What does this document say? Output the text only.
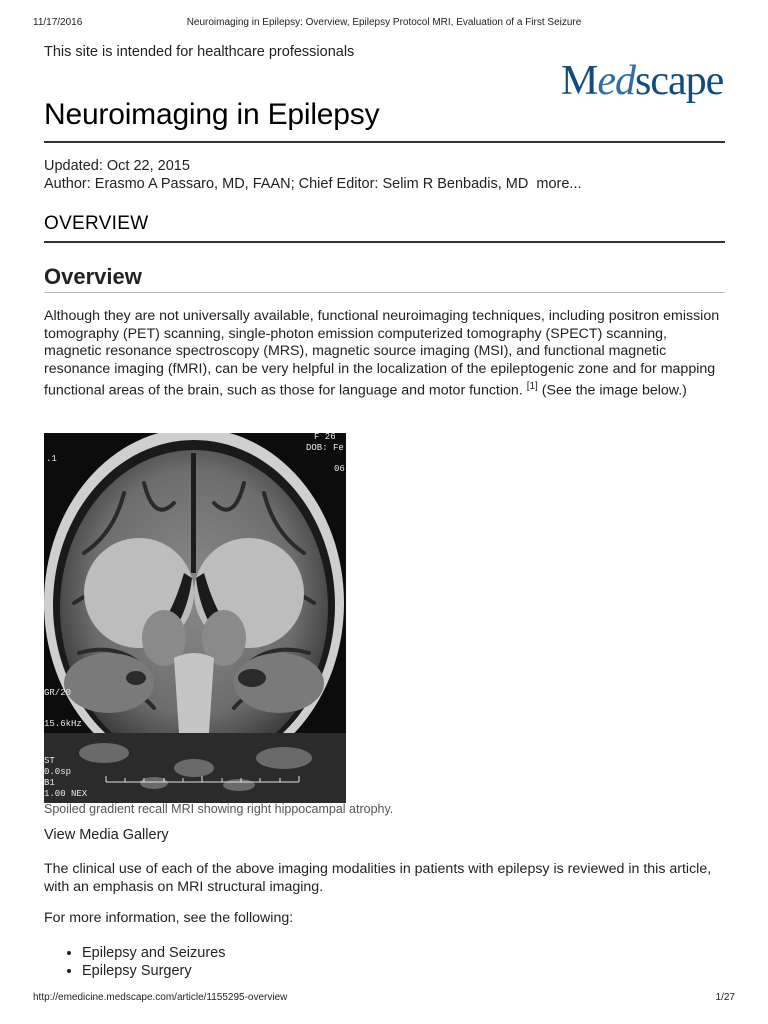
11/17/2016	Neuroimaging in Epilepsy: Overview, Epilepsy Protocol MRI, Evaluation of a First Seizure

This site is intended for healthcare professionals

Medscape
Neuroimaging in Epilepsy
Updated: Oct 22, 2015
Author: Erasmo A Passaro, MD, FAAN; Chief Editor: Selim R Benbadis, MD more...
OVERVIEW
Overview

Although they are not universally available, functional neuroimaging techniques, including positron emission tomography (PET) scanning, single-photon emission computerized tomography (SPECT) scanning, magnetic resonance spectroscopy (MRS), magnetic source imaging (MSI), and functional magnetic resonance imaging (fMRI), can be very helpful in the localization of the epileptogenic zone and for mapping functional areas of the brain, such as those for language and motor function. [1] (See the image below.)

F 26
DOB: Fe
06
.1
GR/20
15.6kHz
ST
0.0sp
B1
1.00 NEX
Spoiled gradient recall MRI showing right hippocampal atrophy.
View Media Gallery

The clinical use of each of the above imaging modalities in patients with epilepsy is reviewed in this article, with an emphasis on MRI structural imaging.

For more information, see the following:

• Epilepsy and Seizures
• Epilepsy Surgery
http://emedicine.medscape.com/article/1155295-overview	1/27
